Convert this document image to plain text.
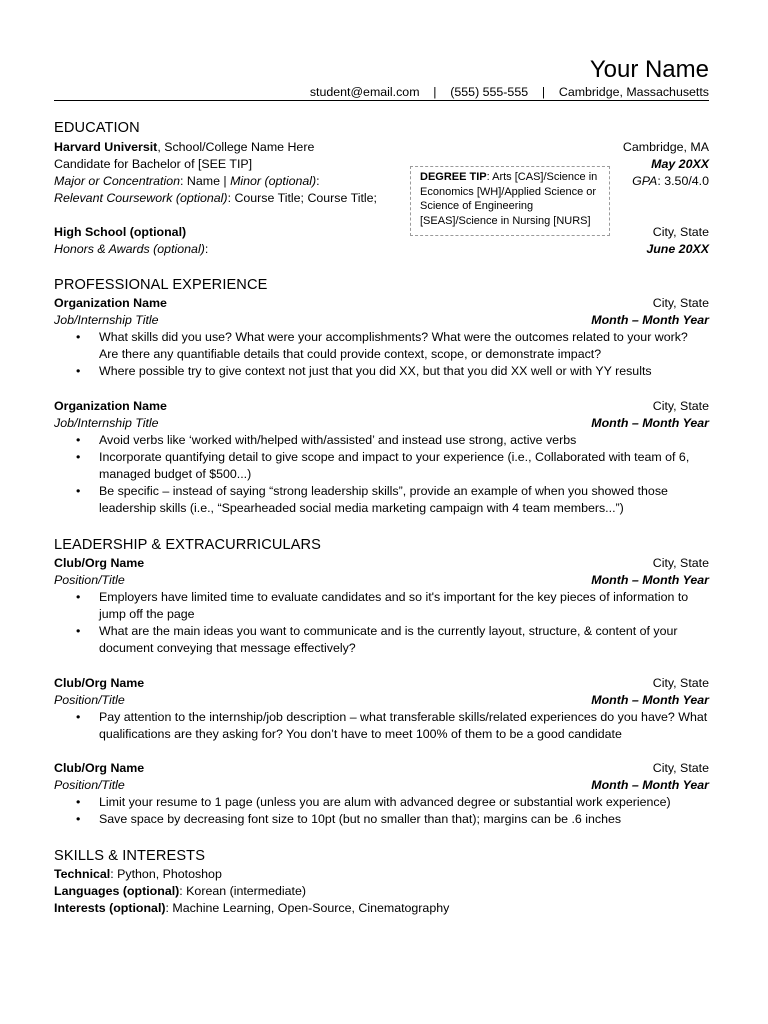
Your Name
student@email.com    |    (555) 555-555    |    Cambridge, Massachusetts
EDUCATION
Harvard Universit, School/College Name Here	Cambridge, MA
Candidate for Bachelor of [SEE TIP]	May 20XX
Major or Concentration: Name | Minor (optional):	GPA: 3.50/4.0
Relevant Coursework (optional): Course Title; Course Title;
DEGREE TIP: Arts [CAS]/Science in Economics [WH]/Applied Science or Science of Engineering [SEAS]/Science in Nursing [NURS]
High School (optional)	City, State
Honors & Awards (optional):	June 20XX
PROFESSIONAL EXPERIENCE
Organization Name	City, State
Job/Internship Title	Month – Month Year
• What skills did you use? What were your accomplishments? What were the outcomes related to your work? Are there any quantifiable details that could provide context, scope, or demonstrate impact?
• Where possible try to give context not just that you did XX, but that you did XX well or with YY results
Organization Name	City, State
Job/Internship Title	Month – Month Year
• Avoid verbs like ‘worked with/helped with/assisted’ and instead use strong, active verbs
• Incorporate quantifying detail to give scope and impact to your experience (i.e., Collaborated with team of 6, managed budget of $500...)
• Be specific – instead of saying “strong leadership skills”, provide an example of when you showed those leadership skills (i.e., “Spearheaded social media marketing campaign with 4 team members...”)
LEADERSHIP & EXTRACURRICULARS
Club/Org Name	City, State
Position/Title	Month – Month Year
• Employers have limited time to evaluate candidates and so it's important for the key pieces of information to jump off the page
• What are the main ideas you want to communicate and is the currently layout, structure, & content of your document conveying that message effectively?
Club/Org Name	City, State
Position/Title	Month – Month Year
• Pay attention to the internship/job description – what transferable skills/related experiences do you have? What qualifications are they asking for? You don’t have to meet 100% of them to be a good candidate
Club/Org Name	City, State
Position/Title	Month – Month Year
• Limit your resume to 1 page (unless you are alum with advanced degree or substantial work experience)
• Save space by decreasing font size to 10pt (but no smaller than that); margins can be .6 inches
SKILLS & INTERESTS
Technical: Python, Photoshop
Languages (optional): Korean (intermediate)
Interests (optional): Machine Learning, Open-Source, Cinematography
